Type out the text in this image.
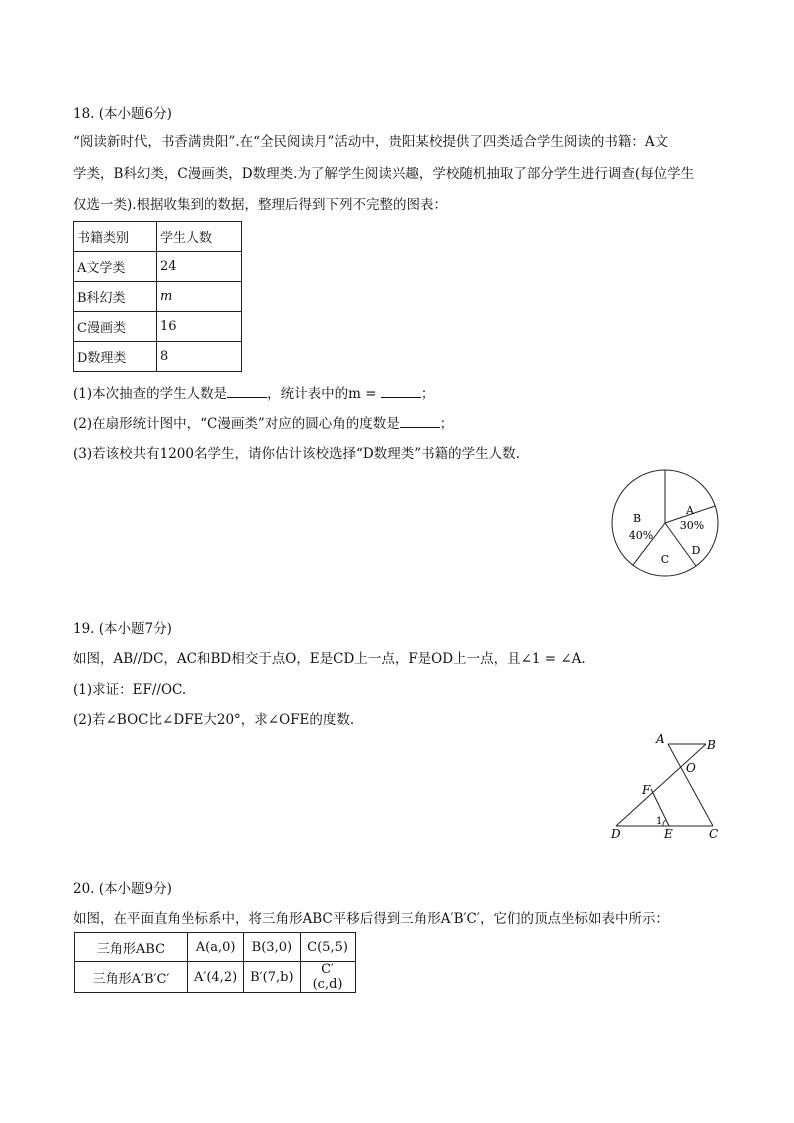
18. (本小题6分)
“阅读新时代，书香满贵阳”.在“全民阅读月”活动中，贵阳某校提供了四类适合学生阅读的书籍：A文
学类，B科幻类，C漫画类，D数理类.为了解学生阅读兴趣，学校随机抽取了部分学生进行调查(每位学生
仅选一类).根据收集到的数据，整理后得到下列不完整的图表：
书籍类别	学生人数
A文学类	24
B科幻类	m
C漫画类	16
D数理类	8
(1)本次抽查的学生人数是	，统计表中的m =	；
(2)在扇形统计图中，“C漫画类”对应的圆心角的度数是	；
(3)若该校共有1200名学生，请你估计该校选择“D数理类”书籍的学生人数.
A
30%
B
40%
C
D
19. (本小题7分)
如图，AB//DC，AC和BD相交于点O，E是CD上一点，F是OD上一点，且∠1 = ∠A.
(1)求证：EF//OC.
(2)若∠BOC比∠DFE大20°，求∠OFE的度数.
A	B
O
F
D	E	C
1
20. (本小题9分)
如图，在平面直角坐标系中，将三角形ABC平移后得到三角形A′B′C′，它们的顶点坐标如表中所示：
三角形ABC	A(a,0)	B(3,0)	C(5,5)
三角形A′B′C′	A′(4,2)	B′(7,b)	C′(c,d)
